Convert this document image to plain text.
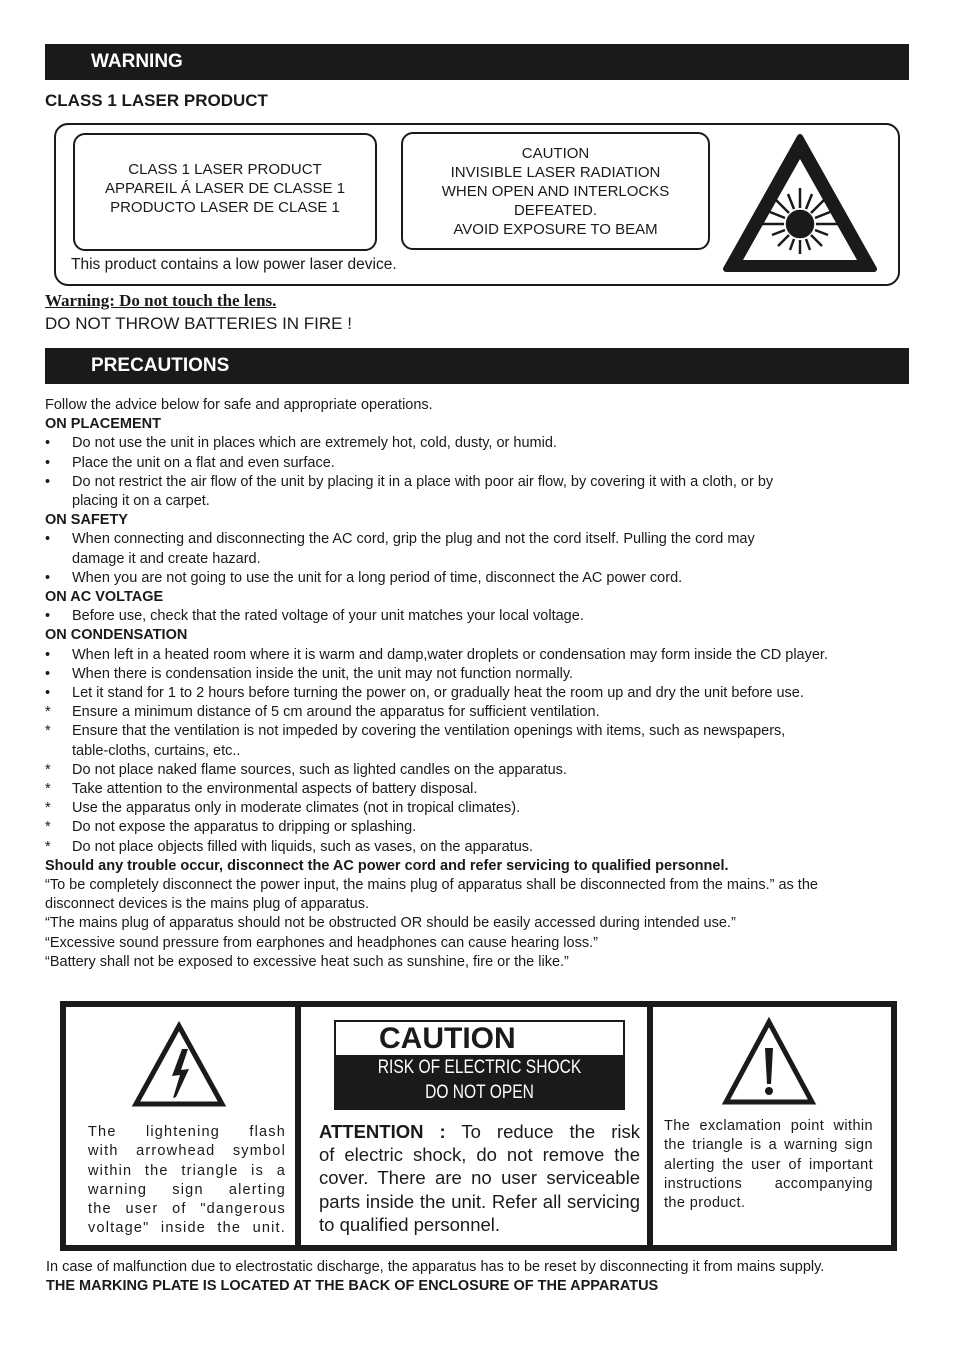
WARNING
CLASS 1 LASER PRODUCT
CLASS 1 LASER PRODUCT
APPAREIL Á LASER DE CLASSE 1
PRODUCTO LASER DE CLASE 1
CAUTION
INVISIBLE LASER RADIATION
WHEN OPEN AND INTERLOCKS
DEFEATED.
AVOID EXPOSURE TO BEAM
This product contains a low power laser device.
Warning: Do not touch the lens.
DO NOT THROW BATTERIES IN FIRE !
PRECAUTIONS
Follow the advice below for safe and appropriate operations.
ON PLACEMENT
• Do not use the unit in places which are extremely hot, cold, dusty, or humid.
• Place the unit on a flat and even surface.
• Do not restrict the air flow of the unit by placing it in a place with poor air flow, by covering it with a cloth, or by
placing it on a carpet.
ON SAFETY
• When connecting and disconnecting the AC cord, grip the plug and not the cord itself. Pulling the cord may
damage it and create hazard.
• When you are not going to use the unit for a long period of time, disconnect the AC power cord.
ON AC VOLTAGE
• Before use, check that the rated voltage of your unit matches your local voltage.
ON CONDENSATION
• When left in a heated room where it is warm and damp,water droplets or condensation may form inside the CD player.
• When there is condensation inside the unit, the unit may not function normally.
• Let it stand for 1 to 2 hours before turning the power on, or gradually heat the room up and dry the unit before use.
* Ensure a minimum distance of 5 cm around the apparatus for sufficient ventilation.
* Ensure that the ventilation is not impeded by covering the ventilation openings with items, such as newspapers,
table-cloths, curtains, etc..
* Do not place naked flame sources, such as lighted candles on the apparatus.
* Take attention to the environmental aspects of battery disposal.
* Use the apparatus only in moderate climates (not in tropical climates).
* Do not expose the apparatus to dripping or splashing.
* Do not place objects filled with liquids, such as vases, on the apparatus.
Should any trouble occur, disconnect the AC power cord and refer servicing to qualified personnel.
“To be completely disconnect the power input, the mains plug of apparatus shall be disconnected from the mains.” as the
disconnect devices is the mains plug of apparatus.
“The mains plug of apparatus should not be obstructed OR should be easily accessed during intended use.”
“Excessive sound pressure from earphones and headphones can cause hearing loss.”
“Battery shall not be exposed to excessive heat such as sunshine, fire or the like.”
The lightening flash
with arrowhead symbol
within the triangle is a
warning sign alerting
the user of "dangerous
voltage" inside the unit.
CAUTION
RISK OF ELECTRIC SHOCK DO NOT OPEN
ATTENTION : To reduce the risk
of electric shock, do not remove the
cover. There are no user serviceable
parts inside the unit. Refer all servicing
to qualified personnel.
The exclamation point within
the triangle is a warning sign
alerting the user of important
instructions accompanying
the product.
In case of malfunction due to electrostatic discharge, the apparatus has to be reset by disconnecting it from mains supply.
THE MARKING PLATE IS LOCATED AT THE BACK OF ENCLOSURE OF THE APPARATUS
